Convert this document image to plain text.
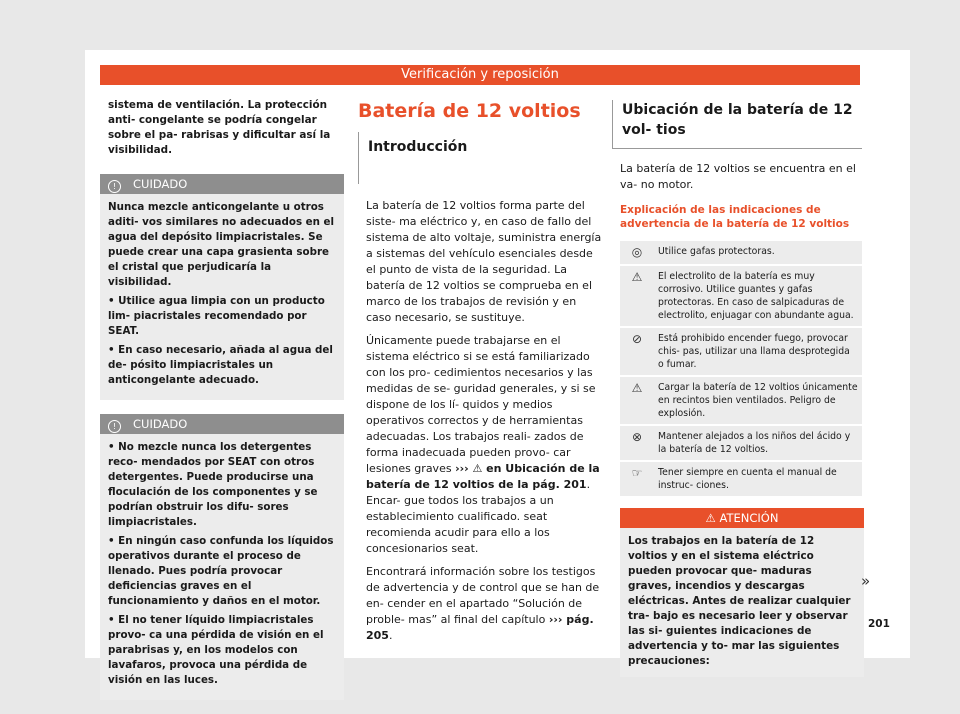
Verificación y reposición

sistema de ventilación. La protección anti- congelante se podría congelar sobre el pa- rabrisas y dificultar así la visibilidad.

! CUIDADO

Nunca mezcle anticongelante u otros aditi- vos similares no adecuados en el agua del depósito limpiacristales. Se puede crear una capa grasienta sobre el cristal que perjudicaría la visibilidad.

• Utilice agua limpia con un producto lim- piacristales recomendado por SEAT.

• En caso necesario, añada al agua del de- pósito limpiacristales un anticongelante adecuado.

! CUIDADO

• No mezcle nunca los detergentes reco- mendados por SEAT con otros detergentes. Puede producirse una floculación de los componentes y se podrían obstruir los difu- sores limpiacristales.

• En ningún caso confunda los líquidos operativos durante el proceso de llenado. Pues podría provocar deficiencias graves en el funcionamiento y daños en el motor.

• El no tener líquido limpiacristales provo- ca una pérdida de visión en el parabrisas y, en los modelos con lavafaros, provoca una pérdida de visión en las luces.

Batería de 12 voltios
Introducción

La batería de 12 voltios forma parte del siste- ma eléctrico y, en caso de fallo del sistema de alto voltaje, suministra energía a sistemas del vehículo esenciales desde el punto de vista de la seguridad. La batería de 12 voltios se comprueba en el marco de los trabajos de revisión y en caso necesario, se sustituye.

Únicamente puede trabajarse en el sistema eléctrico si se está familiarizado con los pro- cedimientos necesarios y las medidas de se- guridad generales, y si se dispone de los lí- quidos y medios operativos correctos y de herramientas adecuadas. Los trabajos reali- zados de forma inadecuada pueden provo- car lesiones graves ››› ⚠ en Ubicación de la batería de 12 voltios de la pág. 201. Encar- gue todos los trabajos a un establecimiento cualificado. seat recomienda acudir para ello a los concesionarios seat.

Encontrará información sobre los testigos de advertencia y de control que se han de en- cender en el apartado “Solución de proble- mas” al final del capítulo ››› pág. 205.

Ubicación de la batería de 12 vol- tios

La batería de 12 voltios se encuentra en el va- no motor.

Explicación de las indicaciones de advertencia de la batería de 12 voltios

◎	Utilice gafas protectoras.
⚠	El electrolito de la batería es muy corrosivo. Utilice guantes y gafas protectoras. En caso de salpicaduras de electrolito, enjuagar con abundante agua.
⊘	Está prohibido encender fuego, provocar chis- pas, utilizar una llama desprotegida o fumar.
⚠	Cargar la batería de 12 voltios únicamente en recintos bien ventilados. Peligro de explosión.
⊗	Mantener alejados a los niños del ácido y la batería de 12 voltios.
☞	Tener siempre en cuenta el manual de instruc- ciones.
⚠ ATENCIÓN
Los trabajos en la batería de 12 voltios y en el sistema eléctrico pueden provocar que- maduras graves, incendios y descargas eléctricas. Antes de realizar cualquier tra- bajo es necesario leer y observar las si- guientes indicaciones de advertencia y to- mar las siguientes precauciones:
»
201
